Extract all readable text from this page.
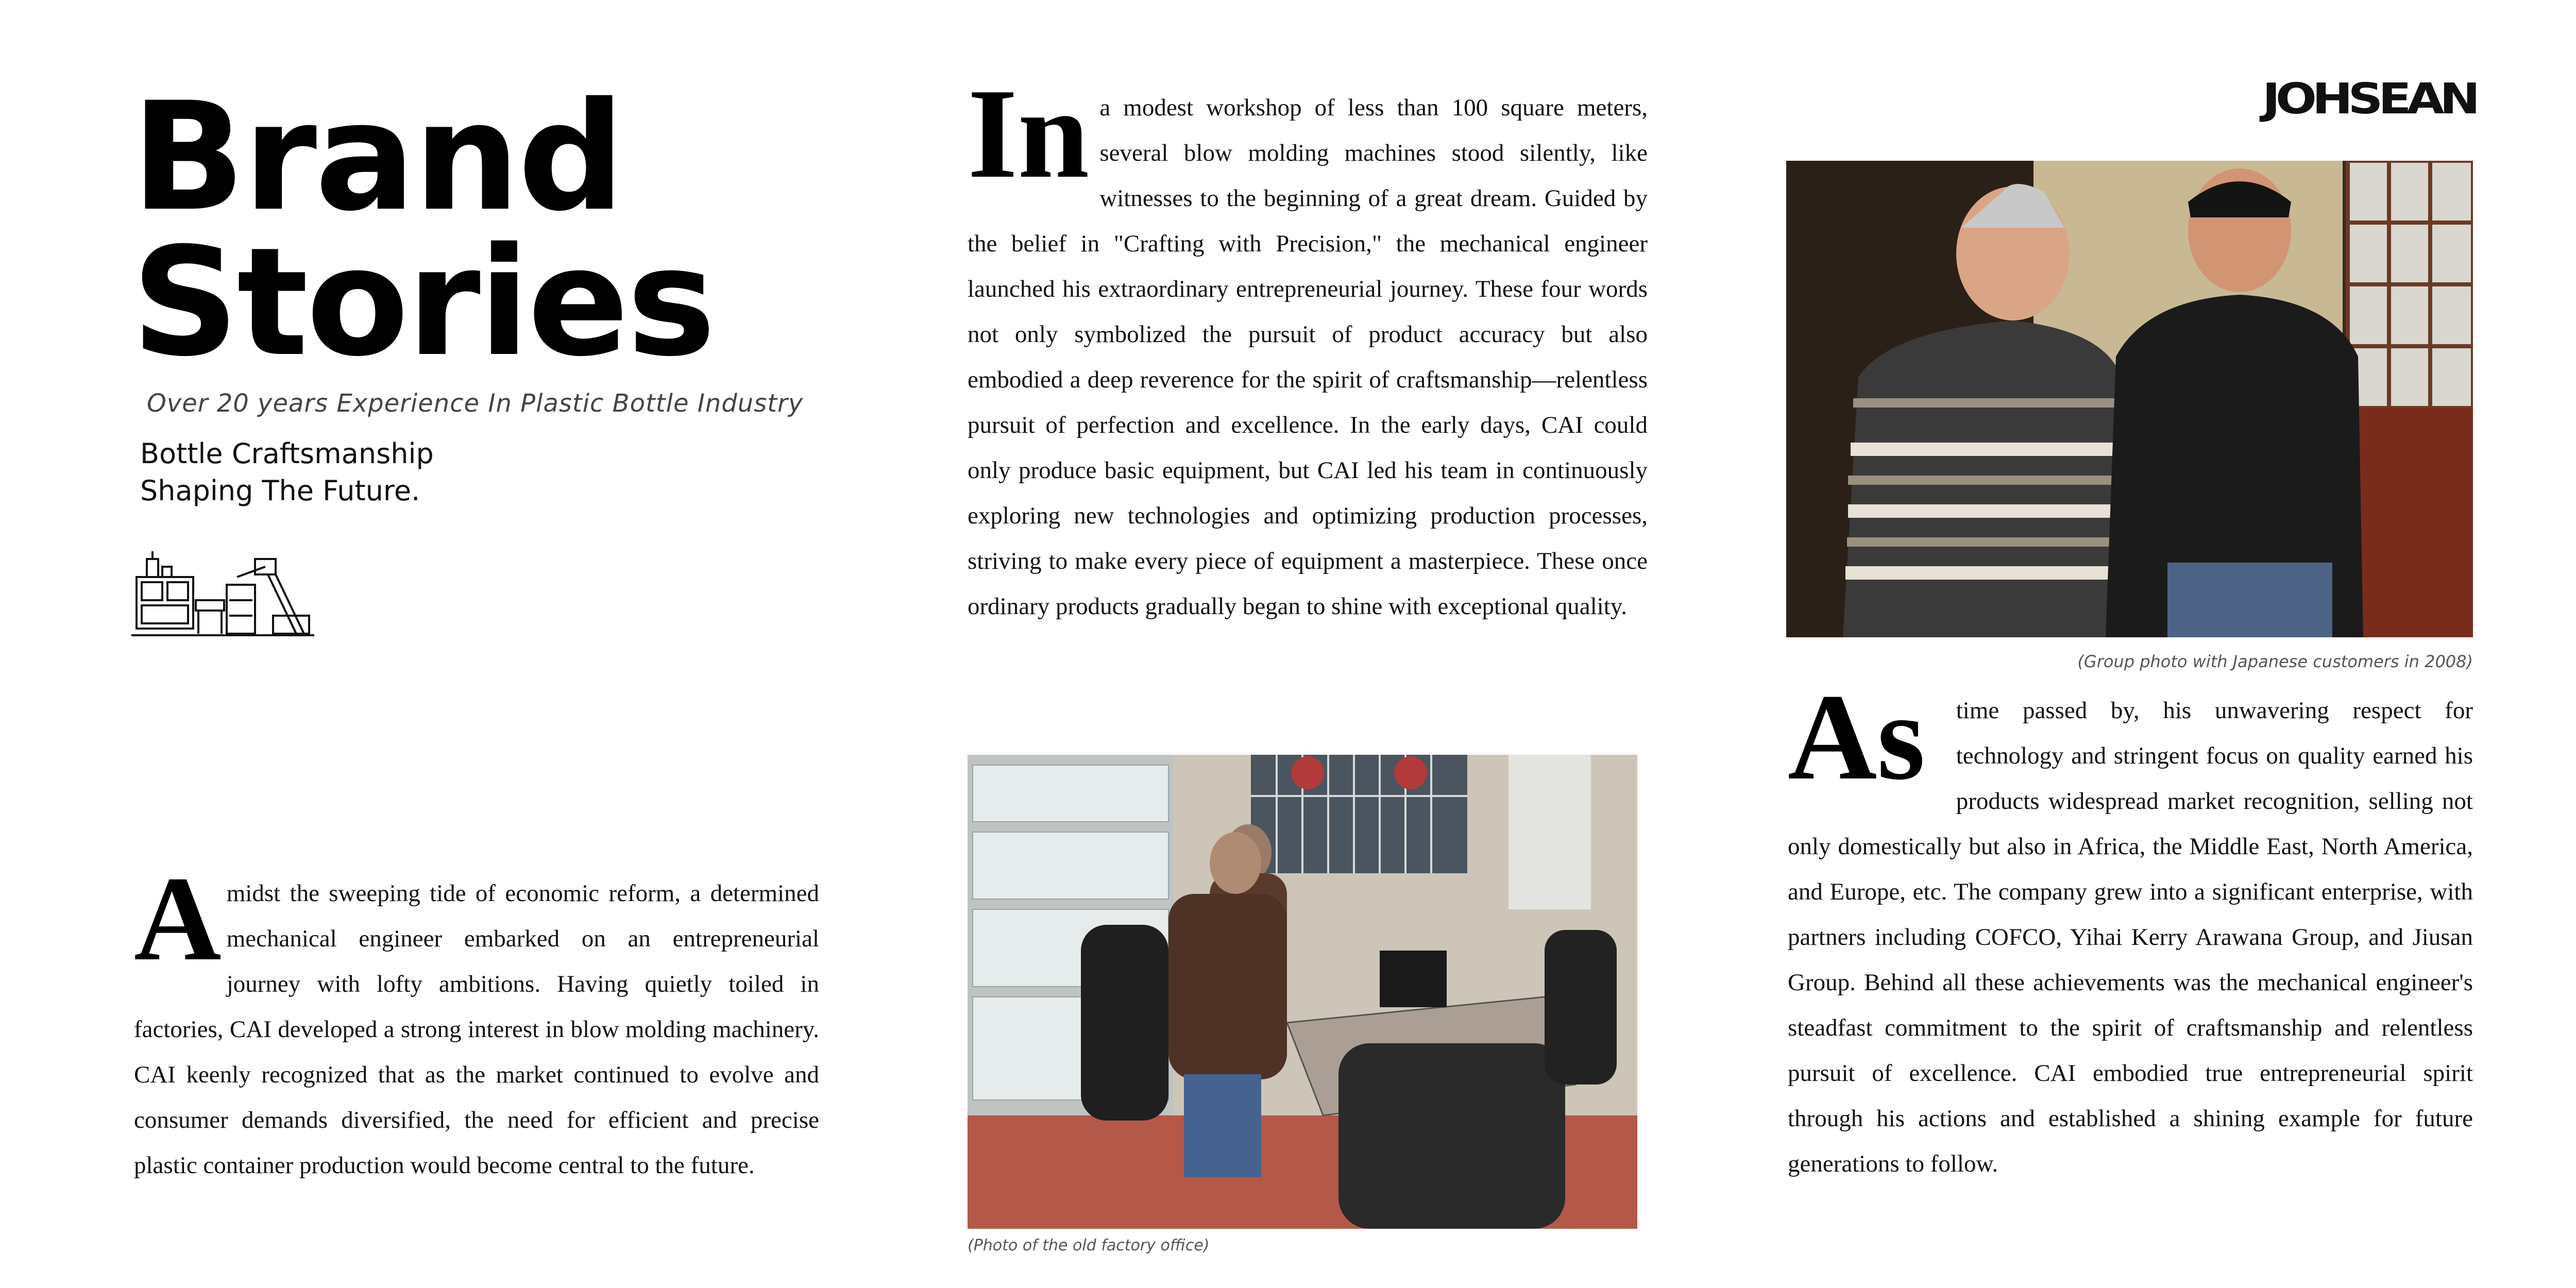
Brand
Stories
Over 20 years Experience In Plastic Bottle Industry
Bottle Craftsmanship
Shaping The Future.
A midst the sweeping tide of economic reform, a determined mechanical engineer embarked on an entrepreneurial journey with lofty ambitions. Having quietly toiled in factories, CAI developed a strong interest in blow molding machinery. CAI keenly recognized that as the market continued to evolve and consumer demands diversified, the need for efficient and precise plastic container production would become central to the future.
In a modest workshop of less than 100 square meters, several blow molding machines stood silently, like witnesses to the beginning of a great dream. Guided by the belief in "Crafting with Precision," the mechanical engineer launched his extraordinary entrepreneurial journey. These four words not only symbolized the pursuit of product accuracy but also embodied a deep reverence for the spirit of craftsmanship—relentless pursuit of perfection and excellence. In the early days, CAI could only produce basic equipment, but CAI led his team in continuously exploring new technologies and optimizing production processes, striving to make every piece of equipment a masterpiece. These once ordinary products gradually began to shine with exceptional quality.
(Photo of the old factory office)
JOHSEAN
(Group photo with Japanese customers in 2008)
As time passed by, his unwavering respect for technology and stringent focus on quality earned his products widespread market recognition, selling not only domestically but also in Africa, the Middle East, North America, and Europe, etc. The company grew into a significant enterprise, with partners including COFCO, Yihai Kerry Arawana Group, and Jiusan Group. Behind all these achievements was the mechanical engineer's steadfast commitment to the spirit of craftsmanship and relentless pursuit of excellence. CAI embodied true entrepreneurial spirit through his actions and established a shining example for future generations to follow.
